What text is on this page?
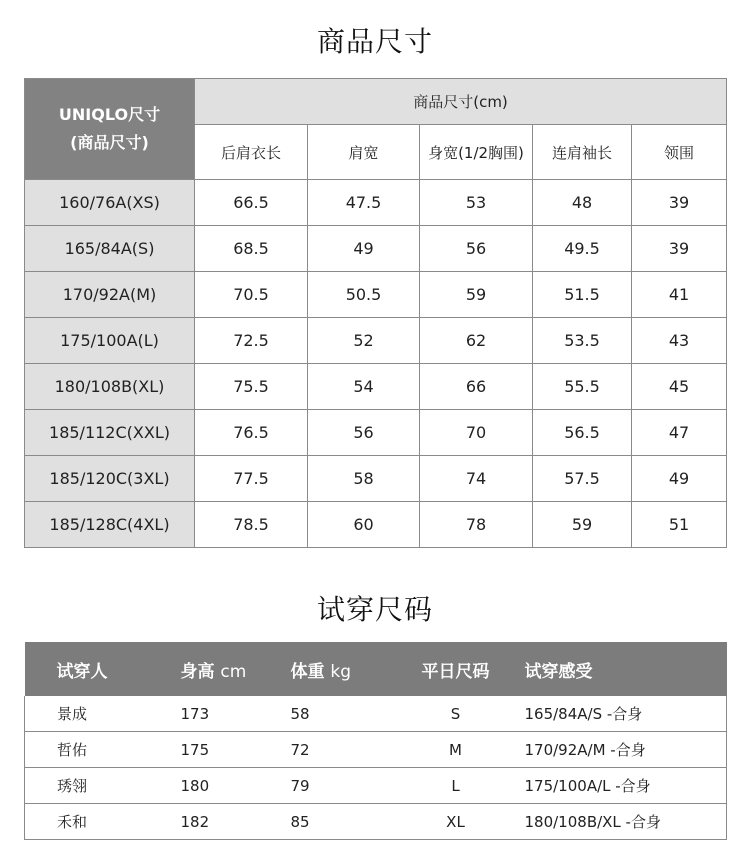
商品尺寸
UNIQLO尺寸
(商品尺寸)	商品尺寸(cm)				
	后肩衣长	肩宽	身宽(1/2胸围)	连肩袖长	领围
160/76A(XS)	66.5	47.5	53	48	39
165/84A(S)	68.5	49	56	49.5	39
170/92A(M)	70.5	50.5	59	51.5	41
175/100A(L)	72.5	52	62	53.5	43
180/108B(XL)	75.5	54	66	55.5	45
185/112C(XXL)	76.5	56	70	56.5	47
185/120C(3XL)	77.5	58	74	57.5	49
185/128C(4XL)	78.5	60	78	59	51
试穿尺码
试穿人	身高 cm	体重 kg	平日尺码	试穿感受
景成	173	58	S	165/84A/S -合身
哲佑	175	72	M	170/92A/M -合身
琇翎	180	79	L	175/100A/L -合身
禾和	182	85	XL	180/108B/XL -合身
